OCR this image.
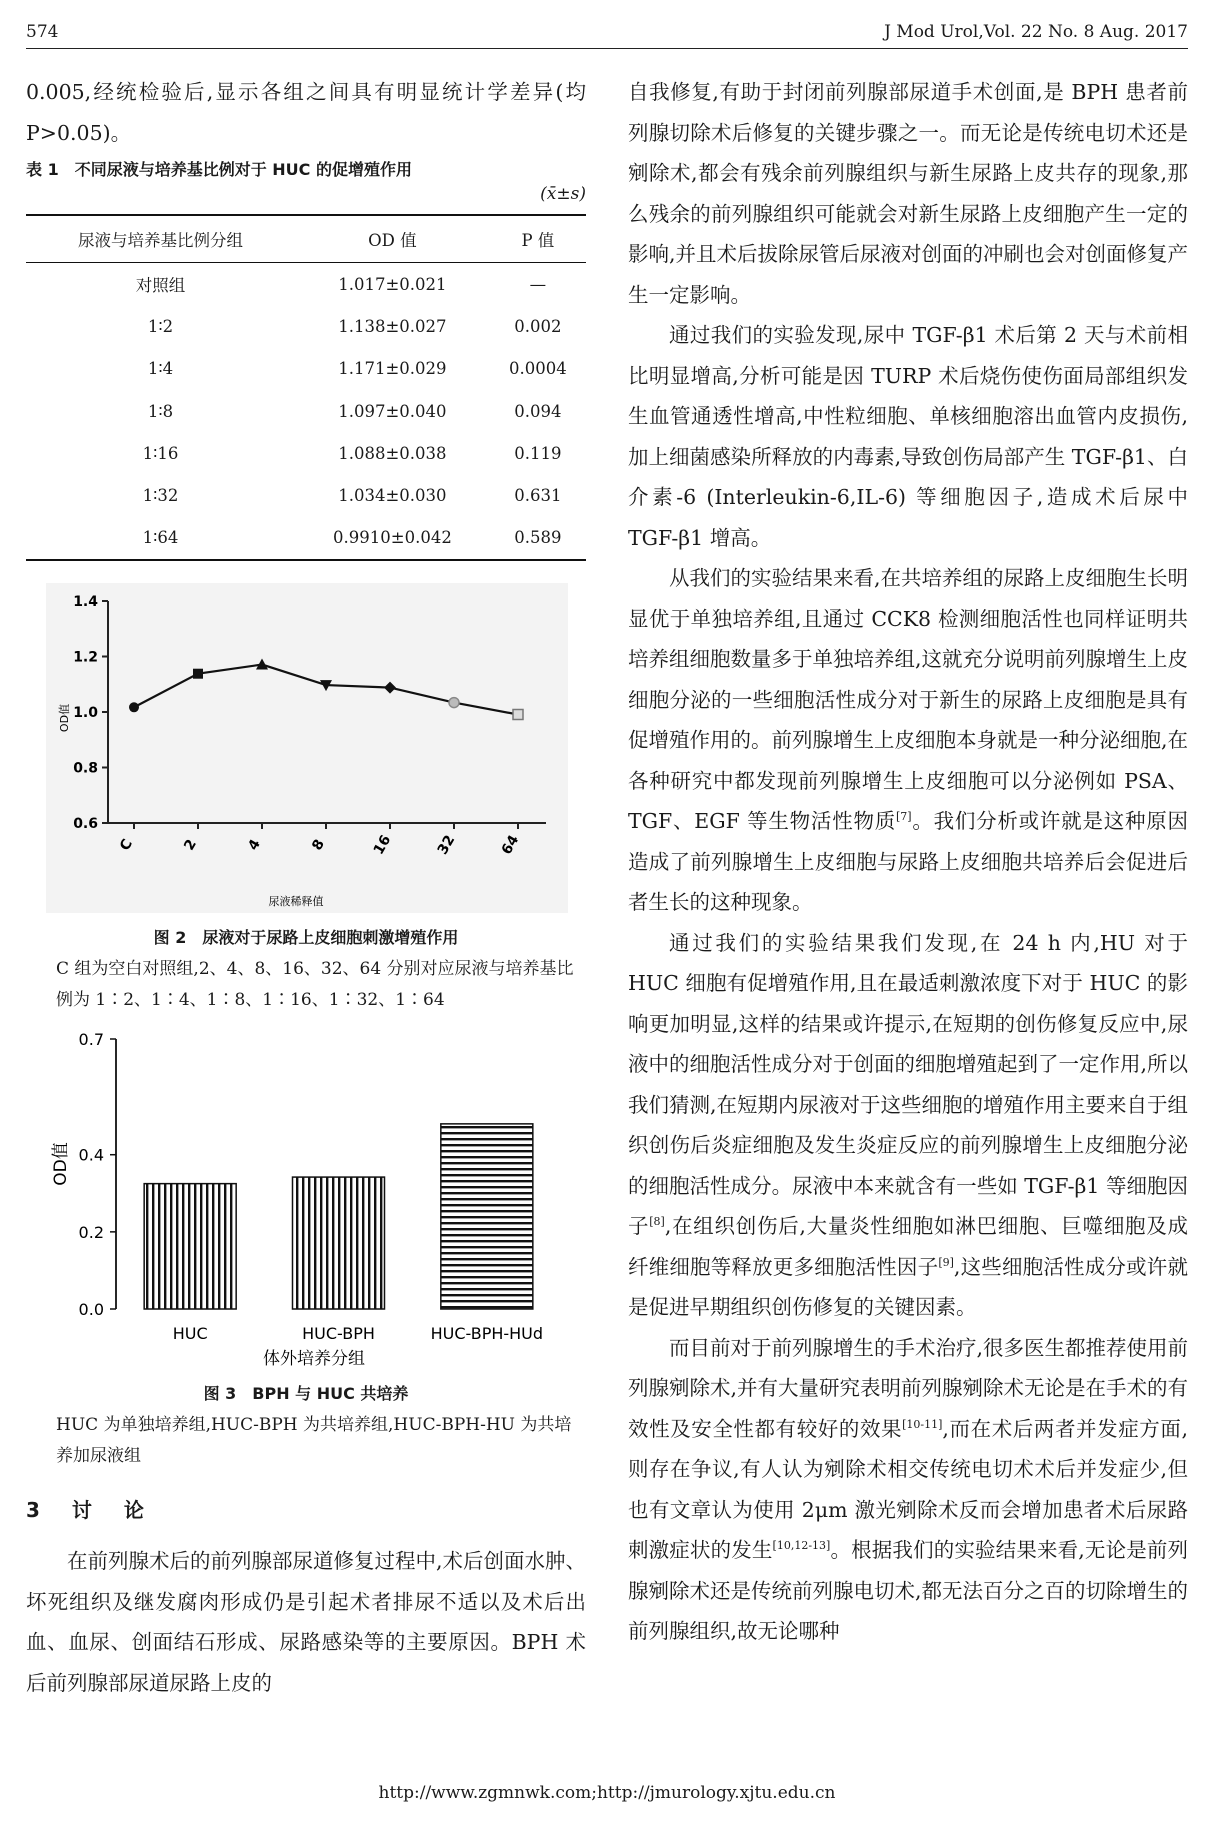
574	J Mod Urol,Vol. 22 No. 8 Aug. 2017

0.005,经统检验后,显示各组之间具有明显统计学差异(均 P>0.05)。

表 1　不同尿液与培养基比例对于 HUC 的促增殖作用
(x̄±s)
尿液与培养基比例分组	OD 值	P 值
对照组	1.017±0.021	—
1∶2	1.138±0.027	0.002
1∶4	1.171±0.029	0.0004
1∶8	1.097±0.040	0.094
1∶16	1.088±0.038	0.119
1∶32	1.034±0.030	0.631
1∶64	0.9910±0.042	0.589
0.6
0.8
1.0
1.2
1.4
C	2	4	8	16	32	64
OD值
尿液稀释值
图 2　尿液对于尿路上皮细胞刺激增殖作用
C 组为空白对照组,2、4、8、16、32、64 分别对应尿液与培养基比例为 1∶2、1∶4、1∶8、1∶16、1∶32、1∶64
0.0
0.2
0.4
0.7
HUC	HUC-BPH	HUC-BPH-HUd
OD值
体外培养分组
图 3　BPH 与 HUC 共培养
HUC 为单独培养组,HUC-BPH 为共培养组,HUC-BPH-HU 为共培养加尿液组
3　讨　论

在前列腺术后的前列腺部尿道修复过程中,术后创面水肿、坏死组织及继发腐肉形成仍是引起术者排尿不适以及术后出血、血尿、创面结石形成、尿路感染等的主要原因。BPH 术后前列腺部尿道尿路上皮的

自我修复,有助于封闭前列腺部尿道手术创面,是 BPH 患者前列腺切除术后修复的关键步骤之一。而无论是传统电切术还是剜除术,都会有残余前列腺组织与新生尿路上皮共存的现象,那么残余的前列腺组织可能就会对新生尿路上皮细胞产生一定的影响,并且术后拔除尿管后尿液对创面的冲刷也会对创面修复产生一定影响。

通过我们的实验发现,尿中 TGF-β1 术后第 2 天与术前相比明显增高,分析可能是因 TURP 术后烧伤使伤面局部组织发生血管通透性增高,中性粒细胞、单核细胞溶出血管内皮损伤,加上细菌感染所释放的内毒素,导致创伤局部产生 TGF-β1、白介素-6 (Interleukin-6,IL-6) 等细胞因子,造成术后尿中 TGF-β1 增高。

从我们的实验结果来看,在共培养组的尿路上皮细胞生长明显优于单独培养组,且通过 CCK8 检测细胞活性也同样证明共培养组细胞数量多于单独培养组,这就充分说明前列腺增生上皮细胞分泌的一些细胞活性成分对于新生的尿路上皮细胞是具有促增殖作用的。前列腺增生上皮细胞本身就是一种分泌细胞,在各种研究中都发现前列腺增生上皮细胞可以分泌例如 PSA、TGF、EGF 等生物活性物质[7]。我们分析或许就是这种原因造成了前列腺增生上皮细胞与尿路上皮细胞共培养后会促进后者生长的这种现象。

通过我们的实验结果我们发现,在 24 h 内,HU 对于 HUC 细胞有促增殖作用,且在最适刺激浓度下对于 HUC 的影响更加明显,这样的结果或许提示,在短期的创伤修复反应中,尿液中的细胞活性成分对于创面的细胞增殖起到了一定作用,所以我们猜测,在短期内尿液对于这些细胞的增殖作用主要来自于组织创伤后炎症细胞及发生炎症反应的前列腺增生上皮细胞分泌的细胞活性成分。尿液中本来就含有一些如 TGF-β1 等细胞因子[8],在组织创伤后,大量炎性细胞如淋巴细胞、巨噬细胞及成纤维细胞等释放更多细胞活性因子[9],这些细胞活性成分或许就是促进早期组织创伤修复的关键因素。

而目前对于前列腺增生的手术治疗,很多医生都推荐使用前列腺剜除术,并有大量研究表明前列腺剜除术无论是在手术的有效性及安全性都有较好的效果[10-11],而在术后两者并发症方面,则存在争议,有人认为剜除术相交传统电切术术后并发症少,但也有文章认为使用 2μm 激光剜除术反而会增加患者术后尿路刺激症状的发生[10,12-13]。根据我们的实验结果来看,无论是前列腺剜除术还是传统前列腺电切术,都无法百分之百的切除增生的前列腺组织,故无论哪种

http://www.zgmnwk.com;http://jmurology.xjtu.edu.cn
